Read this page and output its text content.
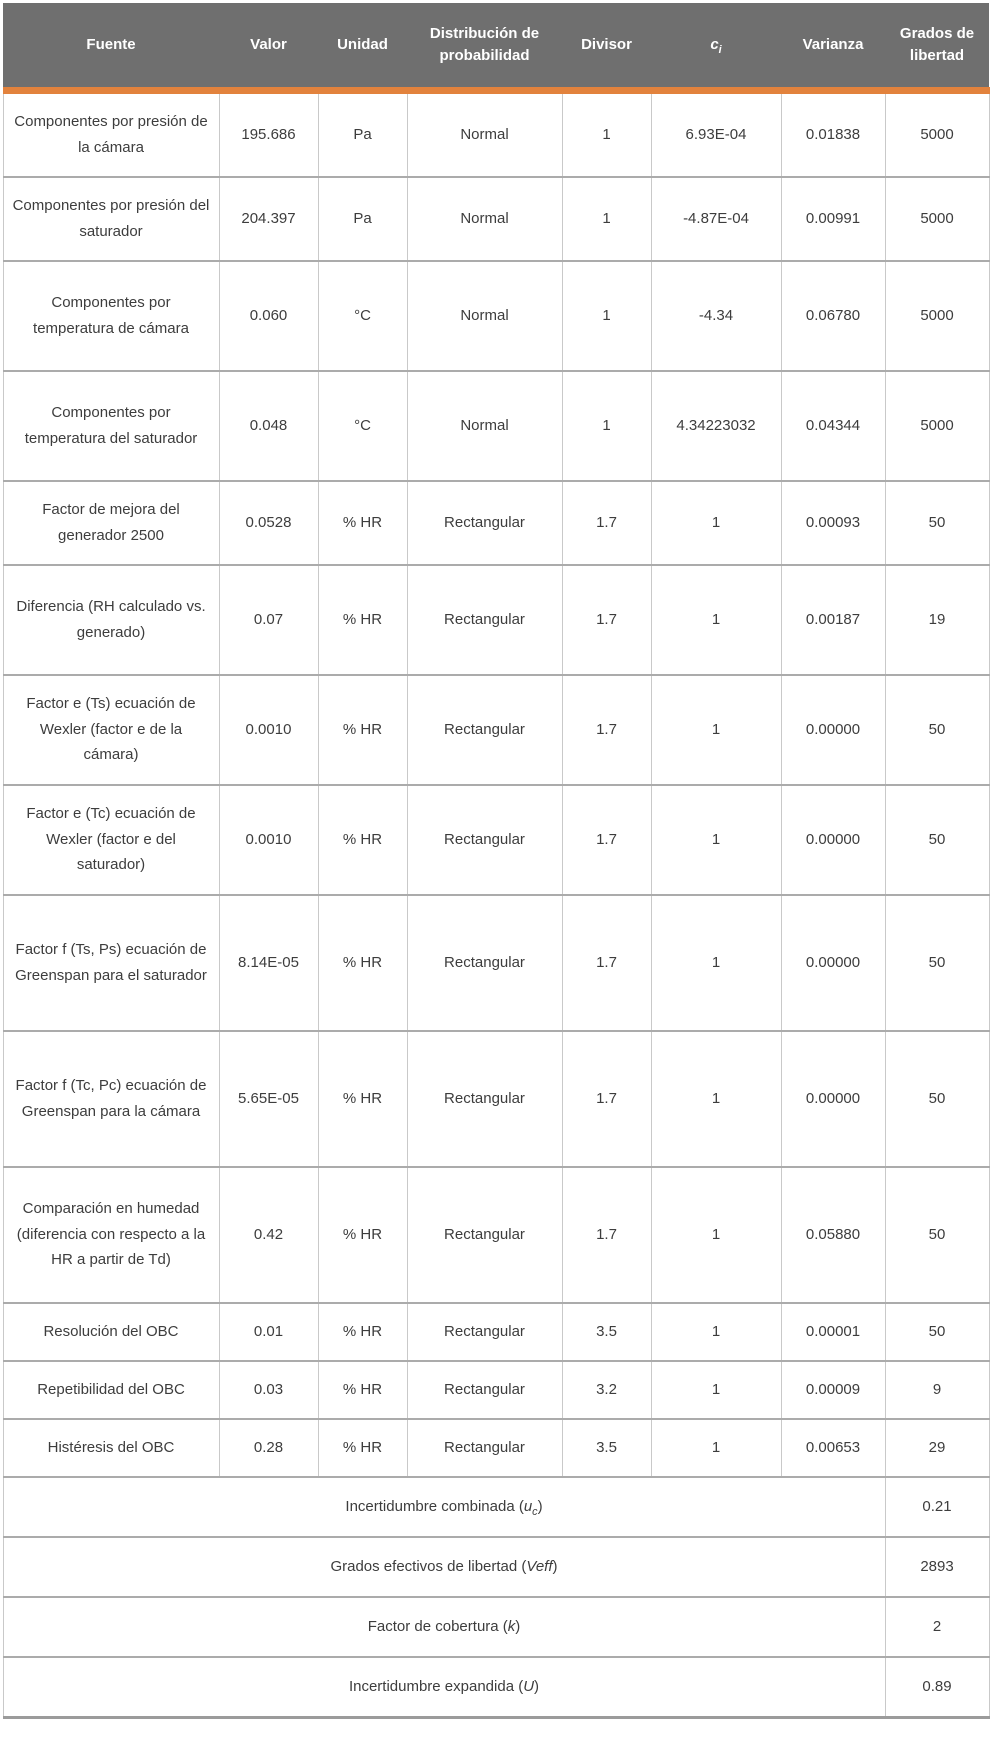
Fuente	Valor	Unidad	Distribución de probabilidad	Divisor	$c_i$	Varianza	Grados de libertad
Componentes por presión de la cámara	195.686	Pa	Normal	1	6.93E-04	0.01838	5000
Componentes por presión del saturador	204.397	Pa	Normal	1	-4.87E-04	0.00991	5000
Componentes por temperatura de cámara	0.060	°C	Normal	1	-4.34	0.06780	5000
Componentes por temperatura del saturador	0.048	°C	Normal	1	4.34223032	0.04344	5000
Factor de mejora del generador 2500	0.0528	% HR	Rectangular	1.7	1	0.00093	50
Diferencia (RH calculado vs. generado)	0.07	% HR	Rectangular	1.7	1	0.00187	19
Factor e (Ts) ecuación de Wexler (factor e de la cámara)	0.0010	% HR	Rectangular	1.7	1	0.00000	50
Factor e (Tc) ecuación de Wexler (factor e del saturador)	0.0010	% HR	Rectangular	1.7	1	0.00000	50
Factor f (Ts, Ps) ecuación de Greenspan para el saturador	8.14E-05	% HR	Rectangular	1.7	1	0.00000	50
Factor f (Tc, Pc) ecuación de Greenspan para la cámara	5.65E-05	% HR	Rectangular	1.7	1	0.00000	50
Comparación en humedad (diferencia con respecto a la HR a partir de Td)	0.42	% HR	Rectangular	1.7	1	0.05880	50
Resolución del OBC	0.01	% HR	Rectangular	3.5	1	0.00001	50
Repetibilidad del OBC	0.03	% HR	Rectangular	3.2	1	0.00009	9
Histéresis del OBC	0.28	% HR	Rectangular	3.5	1	0.00653	29
Incertidumbre combinada $(u_c)$							0.21
Grados efectivos de libertad (Veff)							2893
Factor de cobertura (k)							2
Incertidumbre expandida (U)							0.89
